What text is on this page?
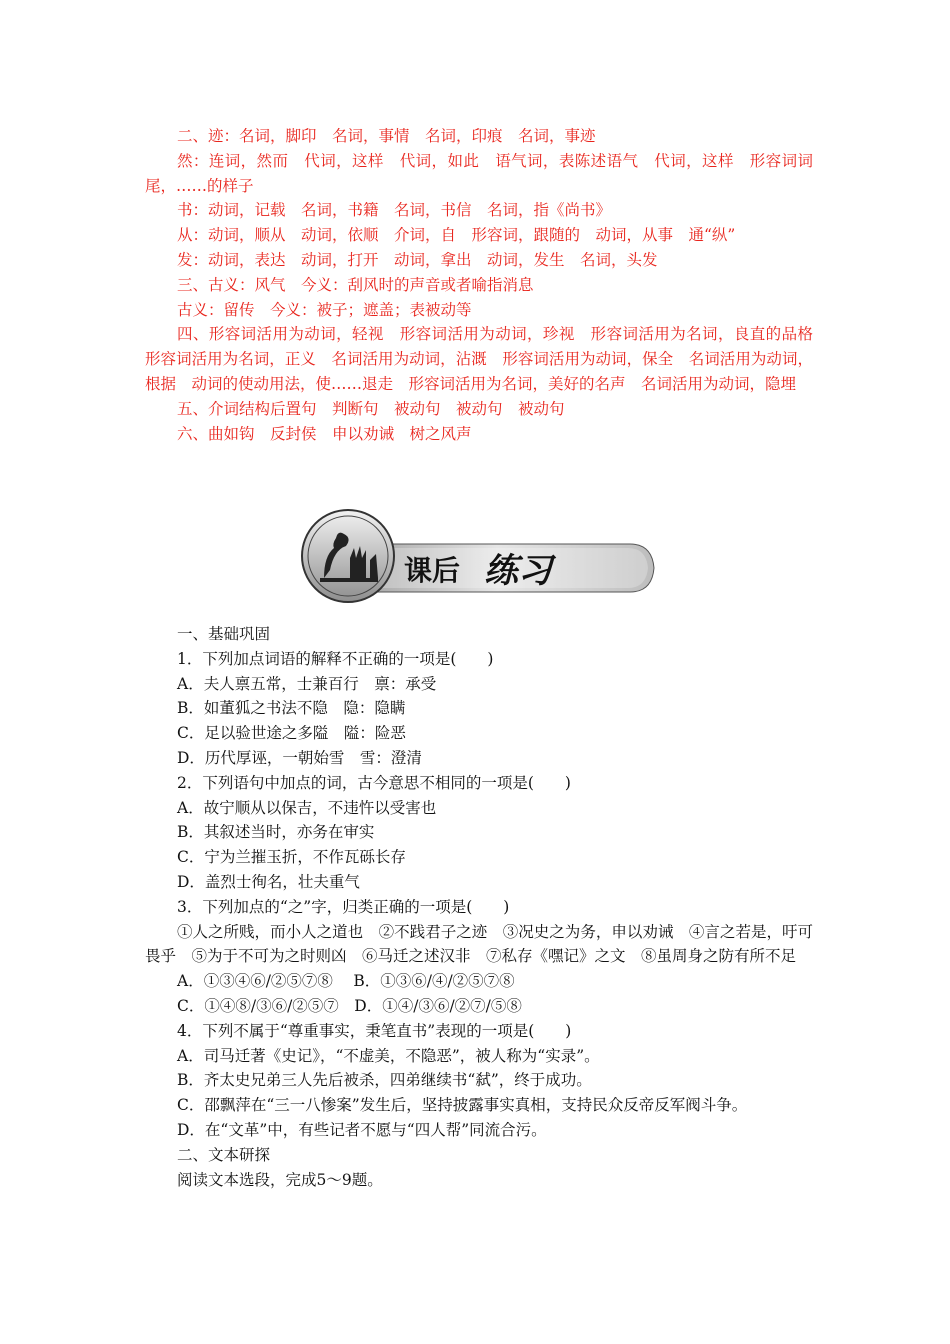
二、迹：名词，脚印　名词，事情　名词，印痕　名词，事迹

然：连词，然而　代词，这样　代词，如此　语气词，表陈述语气　代词，这样　形容词词尾，……的样子

书：动词，记载　名词，书籍　名词，书信　名词，指《尚书》

从：动词，顺从　动词，依顺　介词，自　形容词，跟随的　动词，从事　通“纵”

发：动词，表达　动词，打开　动词，拿出　动词，发生　名词，头发

三、古义：风气　今义：刮风时的声音或者喻指消息

古义：留传　今义：被子；遮盖；表被动等

四、形容词活用为动词，轻视　形容词活用为动词，珍视　形容词活用为名词，良直的品格　形容词活用为名词，正义　名词活用为动词，沾溉　形容词活用为动词，保全　名词活用为动词，根据　动词的使动用法，使……退走　形容词活用为名词，美好的名声　名词活用为动词，隐埋

五、介词结构后置句　判断句　被动句　被动句　被动句

六、曲如钩　反封侯　申以劝诫　树之风声

课后 练习

一、基础巩固

1．下列加点词语的解释不正确的一项是(　　)

A．夫人禀五常，士兼百行　禀：承受

B．如董狐之书法不隐　隐：隐瞒

C．足以验世途之多隘　隘：险恶

D．历代厚诬，一朝始雪　雪：澄清

2．下列语句中加点的词，古今意思不相同的一项是(　　)

A．故宁顺从以保吉，不违忤以受害也

B．其叙述当时，亦务在审实

C．宁为兰摧玉折，不作瓦砾长存

D．盖烈士徇名，壮夫重气

3．下列加点的“之”字，归类正确的一项是(　　)

①人之所贱，而小人之道也　②不践君子之迹　③况史之为务，申以劝诫　④言之若是，吁可畏乎　⑤为于不可为之时则凶　⑥马迁之述汉非　⑦私存《嘿记》之文　⑧虽周身之防有所不足

A．①③④⑥/②⑤⑦⑧　 B．①③⑥/④/②⑤⑦⑧

C．①④⑧/③⑥/②⑤⑦　D．①④/③⑥/②⑦/⑤⑧

4．下列不属于“尊重事实，秉笔直书”表现的一项是(　　)

A．司马迁著《史记》，“不虚美，不隐恶”，被人称为“实录”。

B．齐太史兄弟三人先后被杀，四弟继续书“弑”，终于成功。

C．邵飘萍在“三一八惨案”发生后，坚持披露事实真相，支持民众反帝反军阀斗争。

D．在“文革”中，有些记者不愿与“四人帮”同流合污。

二、文本研探

阅读文本选段，完成5～9题。
